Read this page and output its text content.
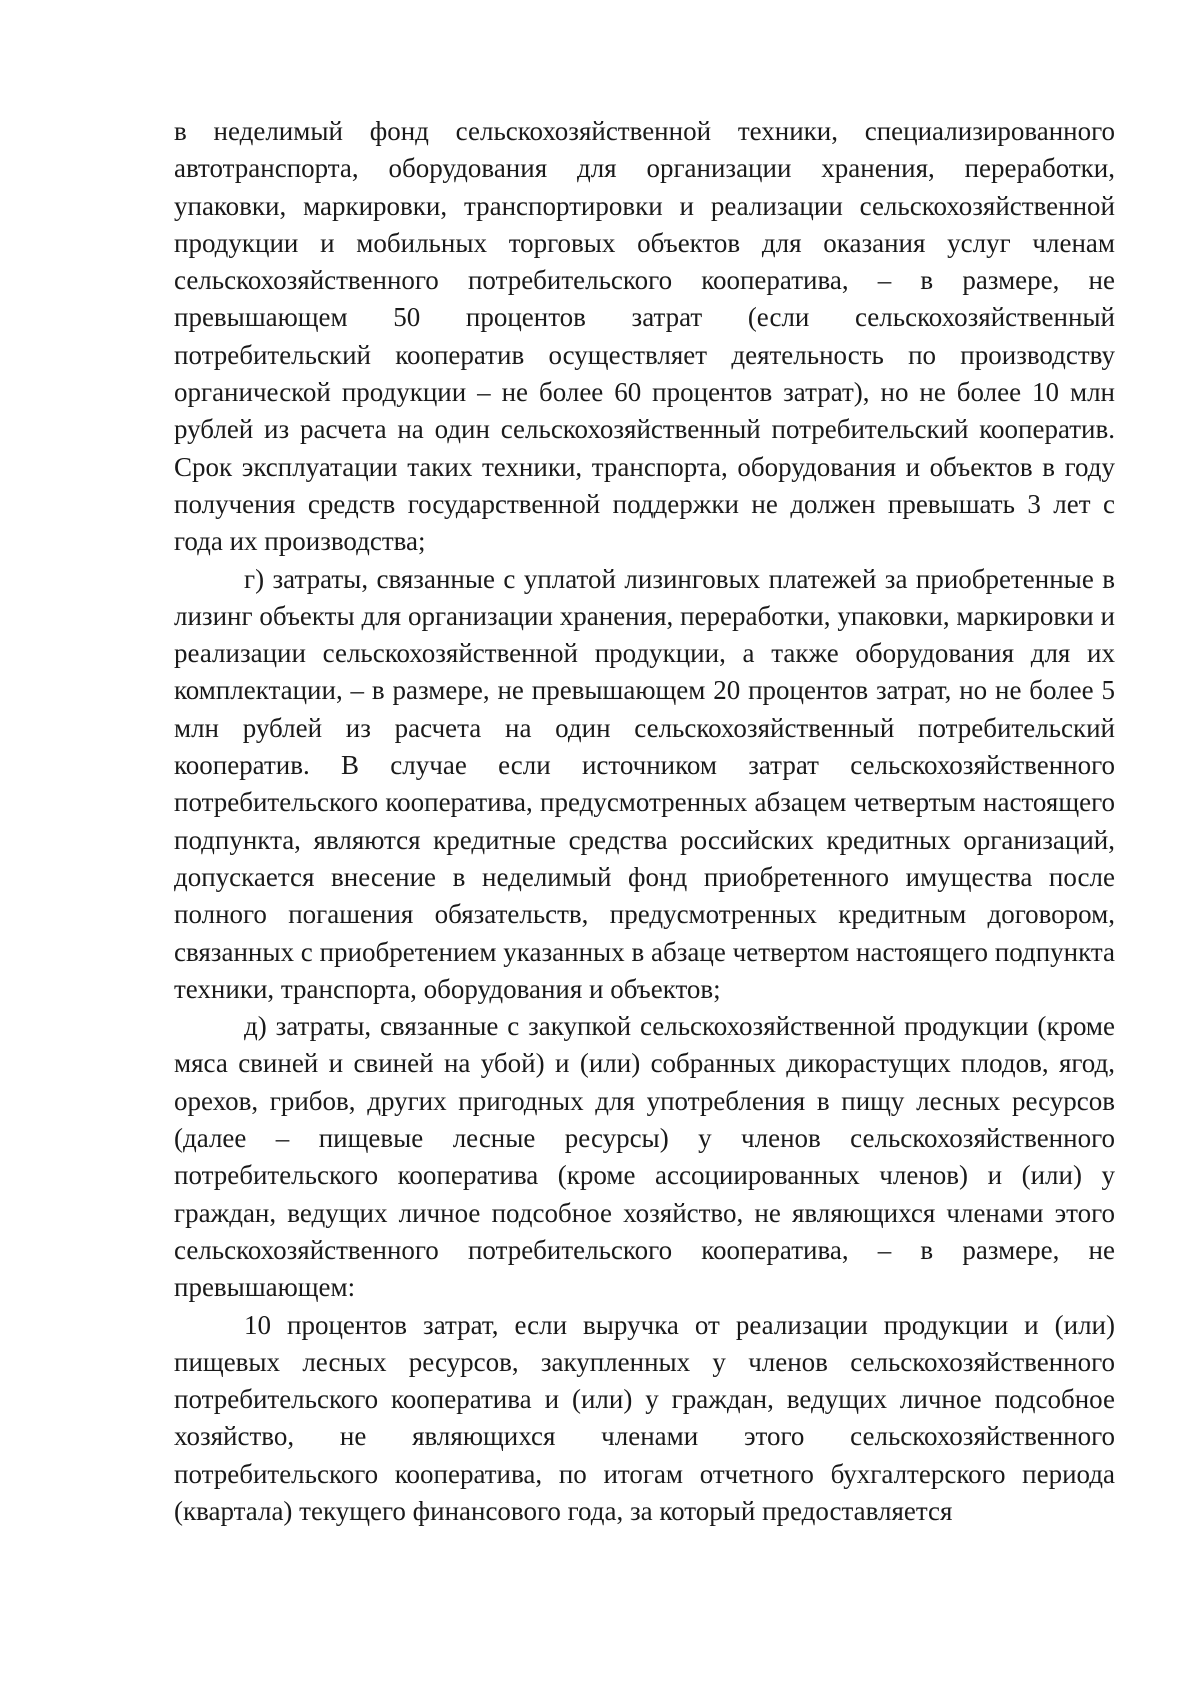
в неделимый фонд сельскохозяйственной техники, специализированного автотранспорта, оборудования для организации хранения, переработки, упаковки, маркировки, транспортировки и реализации сельскохозяйственной продукции и мобильных торговых объектов для оказания услуг членам сельскохозяйственного потребительского кооператива, – в размере, не превышающем 50 процентов затрат (если сельскохозяйственный потребительский кооператив осуществляет деятельность по производству органической продукции – не более 60 процентов затрат), но не более 10 млн рублей из расчета на один сельскохозяйственный потребительский кооператив. Срок эксплуатации таких техники, транспорта, оборудования и объектов в году получения средств государственной поддержки не должен превышать 3 лет с года их производства;

г) затраты, связанные с уплатой лизинговых платежей за приобретенные в лизинг объекты для организации хранения, переработки, упаковки, маркировки и реализации сельскохозяйственной продукции, а также оборудования для их комплектации, – в размере, не превышающем 20 процентов затрат, но не более 5 млн рублей из расчета на один сельскохозяйственный потребительский кооператив. В случае если источником затрат сельскохозяйственного потребительского кооператива, предусмотренных абзацем четвертым настоящего подпункта, являются кредитные средства российских кредитных организаций, допускается внесение в неделимый фонд приобретенного имущества после полного погашения обязательств, предусмотренных кредитным договором, связанных с приобретением указанных в абзаце четвертом настоящего подпункта техники, транспорта, оборудования и объектов;

д) затраты, связанные с закупкой сельскохозяйственной продукции (кроме мяса свиней и свиней на убой) и (или) собранных дикорастущих плодов, ягод, орехов, грибов, других пригодных для употребления в пищу лесных ресурсов (далее – пищевые лесные ресурсы) у членов сельскохозяйственного потребительского кооператива (кроме ассоциированных членов) и (или) у граждан, ведущих личное подсобное хозяйство, не являющихся членами этого сельскохозяйственного потребительского кооператива, – в размере, не превышающем:

10 процентов затрат, если выручка от реализации продукции и (или) пищевых лесных ресурсов, закупленных у членов сельскохозяйственного потребительского кооператива и (или) у граждан, ведущих личное подсобное хозяйство, не являющихся членами этого сельскохозяйственного потребительского кооператива, по итогам отчетного бухгалтерского периода (квартала) текущего финансового года, за который предоставляется
